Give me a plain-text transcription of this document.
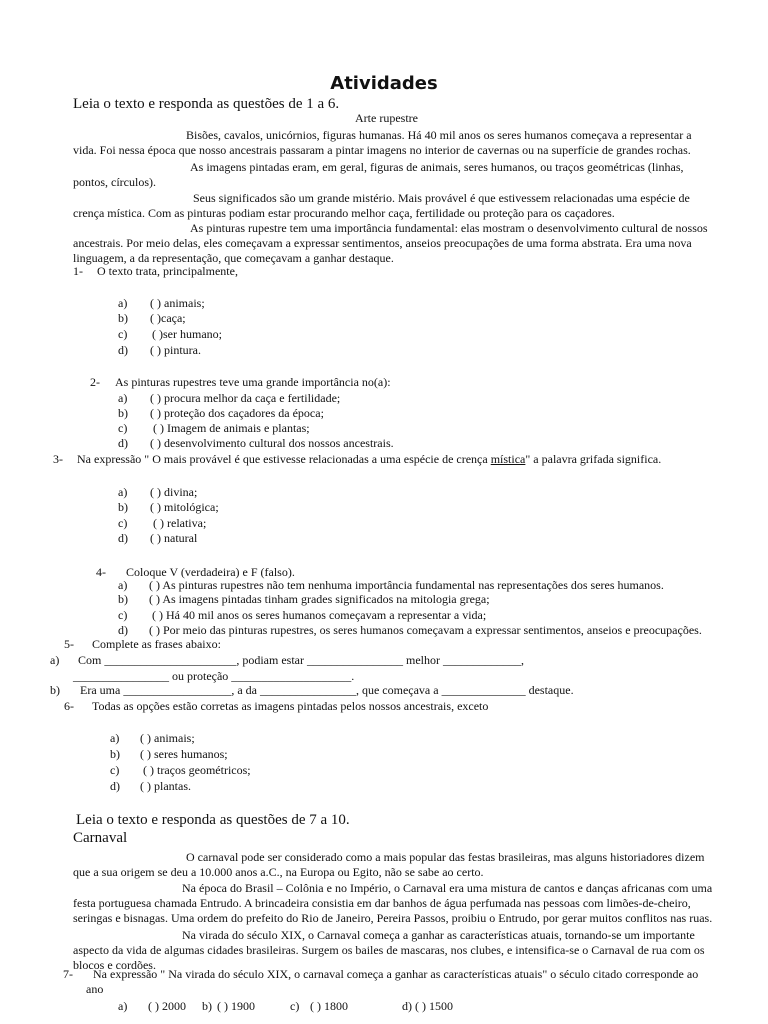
Atividades
Leia o texto e responda as questões de 1 a 6.
Arte rupestre
Bisões, cavalos, unicórnios, figuras humanas. Há 40 mil anos os seres humanos começava a representar a
vida. Foi nessa época que nosso ancestrais passaram a pintar imagens no interior de cavernas ou na superfície de grandes rochas.
As imagens pintadas eram, em geral, figuras de animais, seres humanos, ou traços geométricas (linhas,
pontos, círculos).
Seus significados são um grande mistério. Mais provável é que estivessem relacionadas uma espécie de
crença mística. Com as pinturas podiam estar procurando melhor caça, fertilidade ou proteção para os caçadores.
As pinturas rupestre tem uma importância fundamental: elas mostram o desenvolvimento cultural de nossos
ancestrais. Por meio delas, eles começavam a expressar sentimentos, anseios preocupações de uma forma abstrata. Era uma nova
linguagem, a da representação, que começavam a ganhar destaque.
1- O texto trata, principalmente,
a) ( ) animais;
b) ( )caça;
c) ( )ser humano;
d) ( ) pintura.
2- As pinturas rupestres teve uma grande importância no(a):
a) ( ) procura melhor da caça e fertilidade;
b) ( ) proteção dos caçadores da época;
c) ( ) Imagem de animais e plantas;
d) ( ) desenvolvimento cultural dos nossos ancestrais.
3- Na expressão " O mais provável é que estivesse relacionadas a uma espécie de crença mística" a palavra grifada significa.
a) ( ) divina;
b) ( ) mitológica;
c) ( ) relativa;
d) ( ) natural
4- Coloque V (verdadeira) e F (falso).
a) ( ) As pinturas rupestres não tem nenhuma importância fundamental nas representações dos seres humanos.
b) ( ) As imagens pintadas tinham grades significados na mitologia grega;
c) ( ) Há 40 mil anos os seres humanos começavam a representar a vida;
d) ( ) Por meio das pinturas rupestres, os seres humanos começavam a expressar sentimentos, anseios e preocupações.
5- Complete as frases abaixo:
a) Com ______________________, podiam estar ________________ melhor _____________,
________________ ou proteção ____________________.
b) Era uma __________________, a da ________________, que começava a ______________ destaque.
6- Todas as opções estão corretas as imagens pintadas pelos nossos ancestrais, exceto
a) ( ) animais;
b) ( ) seres humanos;
c) ( ) traços geométricos;
d) ( ) plantas.
Leia o texto e responda as questões de 7 a 10.
Carnaval
O carnaval pode ser considerado como a mais popular das festas brasileiras, mas alguns historiadores dizem
que a sua origem se deu a 10.000 anos a.C., na Europa ou Egito, não se sabe ao certo.
Na época do Brasil – Colônia e no Império, o Carnaval era uma mistura de cantos e danças africanas com uma
festa portuguesa chamada Entrudo. A brincadeira consistia em dar banhos de água perfumada nas pessoas com limões-de-cheiro,
seringas e bisnagas. Uma ordem do prefeito do Rio de Janeiro, Pereira Passos, proibiu o Entrudo, por gerar muitos conflitos nas ruas.
Na virada do século XIX, o Carnaval começa a ganhar as características atuais, tornando-se um importante
aspecto da vida de algumas cidades brasileiras. Surgem os bailes de mascaras, nos clubes, e intensifica-se o Carnaval de rua com os
blocos e cordões.
7- Na expressão " Na virada do século XIX, o carnaval começa a ganhar as características atuais" o século citado corresponde ao
ano
a) ( ) 2000 b) ( ) 1900	c) ( ) 1800	d) ( ) 1500
